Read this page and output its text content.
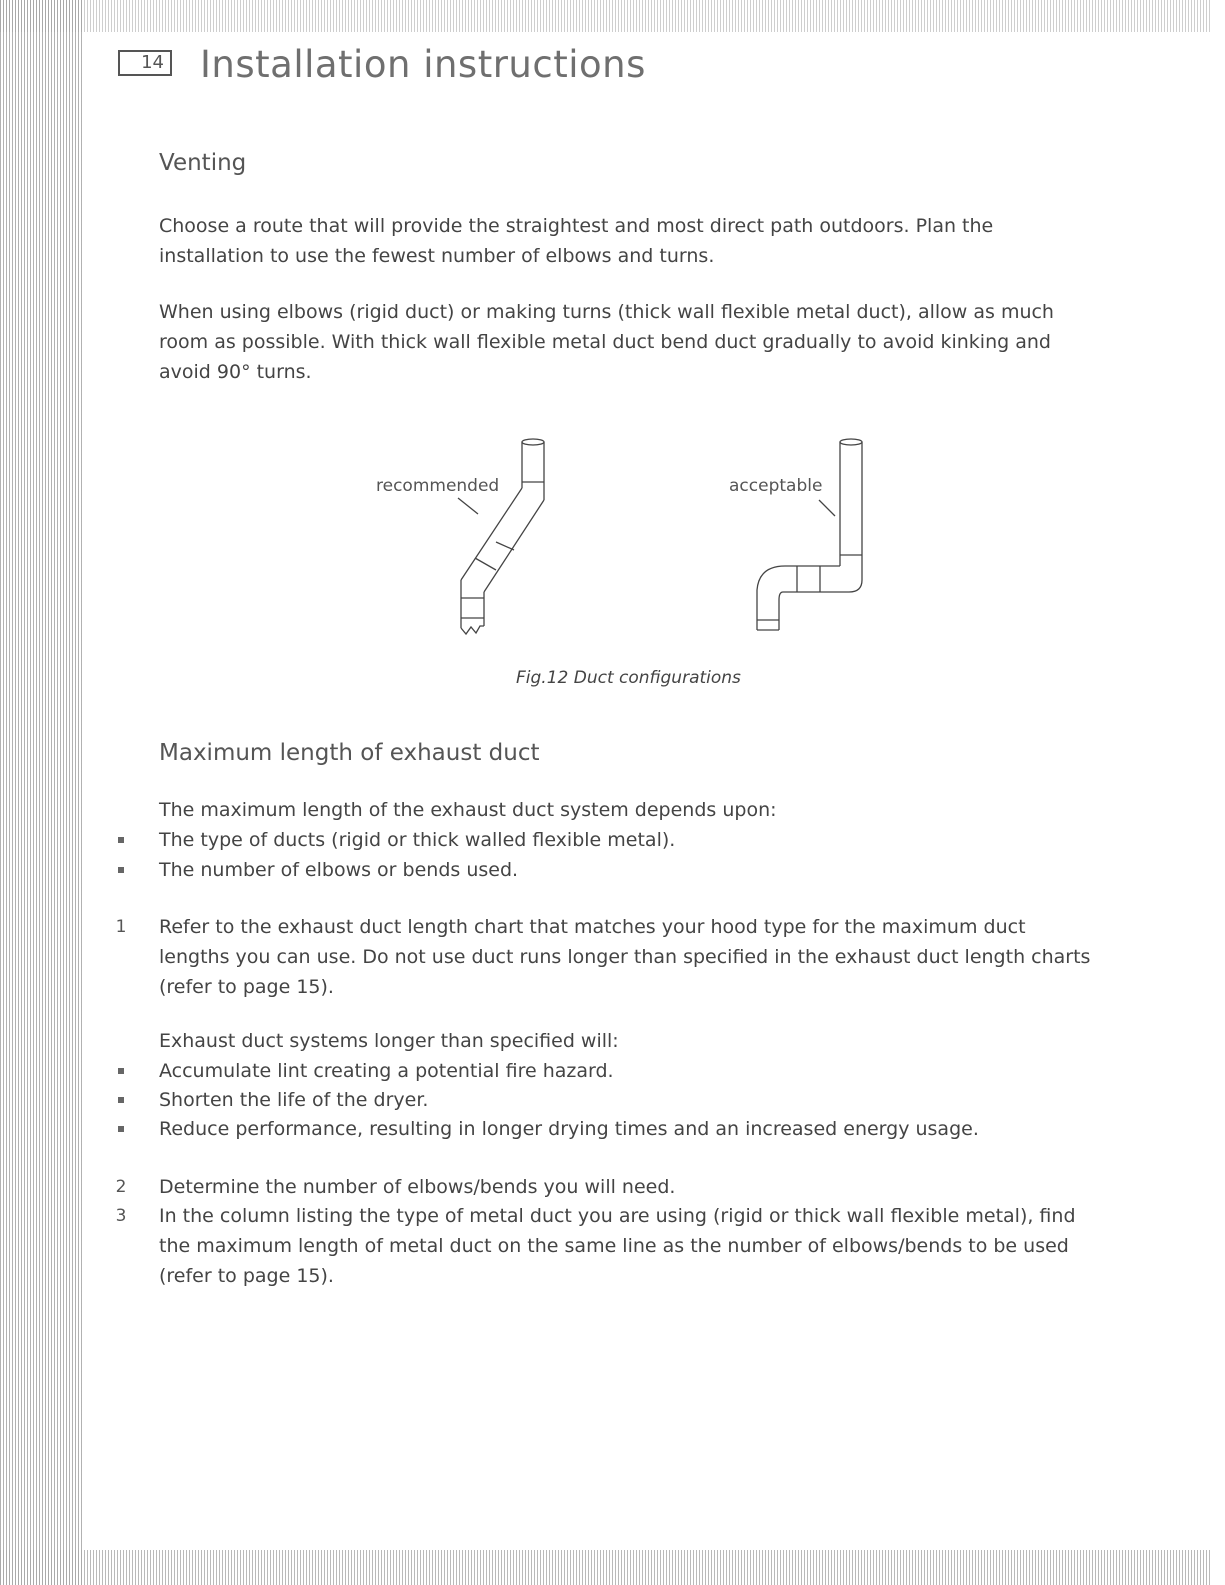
14 Installation instructions
Venting

Choose a route that will provide the straightest and most direct path outdoors. Plan the installation to use the fewest number of elbows and turns.

When using elbows (rigid duct) or making turns (thick wall flexible metal duct), allow as much room as possible. With thick wall flexible metal duct bend duct gradually to avoid kinking and avoid 90° turns.

recommended	acceptable
Fig.12 Duct configurations
Maximum length of exhaust duct
The maximum length of the exhaust duct system depends upon:
The type of ducts (rigid or thick walled flexible metal).
The number of elbows or bends used.
1 Refer to the exhaust duct length chart that matches your hood type for the maximum duct lengths you can use. Do not use duct runs longer than specified in the exhaust duct length charts (refer to page 15).

Exhaust duct systems longer than specified will:
Accumulate lint creating a potential fire hazard.
Shorten the life of the dryer.
Reduce performance, resulting in longer drying times and an increased energy usage.
2 Determine the number of elbows/bends you will need.
3 In the column listing the type of metal duct you are using (rigid or thick wall flexible metal), find the maximum length of metal duct on the same line as the number of elbows/bends to be used (refer to page 15).
